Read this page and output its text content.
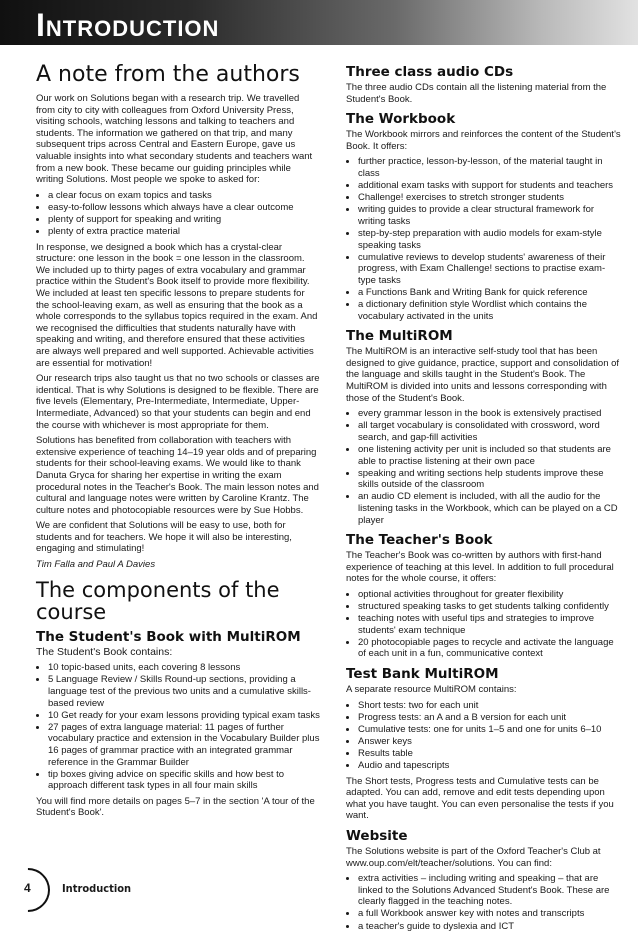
Introduction
A note from the authors

Our work on Solutions began with a research trip. We travelled from city to city with colleagues from Oxford University Press, visiting schools, watching lessons and talking to teachers and students. The information we gathered on that trip, and many subsequent trips across Central and Eastern Europe, gave us valuable insights into what secondary students and teachers want from a new book. These became our guiding principles while writing Solutions. Most people we spoke to asked for:

• a clear focus on exam topics and tasks
• easy-to-follow lessons which always have a clear outcome
• plenty of support for speaking and writing
• plenty of extra practice material

In response, we designed a book which has a crystal-clear structure: one lesson in the book = one lesson in the classroom. We included up to thirty pages of extra vocabulary and grammar practice within the Student's Book itself to provide more flexibility. We included at least ten specific lessons to prepare students for the school-leaving exam, as well as ensuring that the book as a whole corresponds to the syllabus topics required in the exam. And we recognised the difficulties that students naturally have with speaking and writing, and therefore ensured that these activities are always well prepared and well supported. Achievable activities are essential for motivation!

Our research trips also taught us that no two schools or classes are identical. That is why Solutions is designed to be flexible. There are five levels (Elementary, Pre-Intermediate, Intermediate, Upper-Intermediate, Advanced) so that your students can begin and end the course with whichever is most appropriate for them.

Solutions has benefited from collaboration with teachers with extensive experience of teaching 14–19 year olds and of preparing students for their school-leaving exams. We would like to thank Danuta Gryca for sharing her expertise in writing the exam procedural notes in the Teacher's Book. The main lesson notes and cultural and language notes were written by Caroline Krantz. The culture notes and photocopiable resources were by Sue Hobbs.

We are confident that Solutions will be easy to use, both for students and for teachers. We hope it will also be interesting, engaging and stimulating!

Tim Falla and Paul A Davies

The components of the course
The Student's Book with MultiROM

The Student's Book contains:

• 10 topic-based units, each covering 8 lessons
• 5 Language Review / Skills Round-up sections, providing a language test of the previous two units and a cumulative skills-based review
• 10 Get ready for your exam lessons providing typical exam tasks
• 27 pages of extra language material: 11 pages of further vocabulary practice and extension in the Vocabulary Builder plus 16 pages of grammar practice with an integrated grammar reference in the Grammar Builder
• tip boxes giving advice on specific skills and how best to approach different task types in all four main skills

You will find more details on pages 5–7 in the section 'A tour of the Student's Book'.

Three class audio CDs

The three audio CDs contain all the listening material from the Student's Book.

The Workbook

The Workbook mirrors and reinforces the content of the Student's Book. It offers:

• further practice, lesson-by-lesson, of the material taught in class
• additional exam tasks with support for students and teachers
• Challenge! exercises to stretch stronger students
• writing guides to provide a clear structural framework for writing tasks
• step-by-step preparation with audio models for exam-style speaking tasks
• cumulative reviews to develop students' awareness of their progress, with Exam Challenge! sections to practise exam-type tasks
• a Functions Bank and Writing Bank for quick reference
• a dictionary definition style Wordlist which contains the vocabulary activated in the units
The MultiROM

The MultiROM is an interactive self-study tool that has been designed to give guidance, practice, support and consolidation of the language and skills taught in the Student's Book. The MultiROM is divided into units and lessons corresponding with those of the Student's Book.

• every grammar lesson in the book is extensively practised
• all target vocabulary is consolidated with crossword, word search, and gap-fill activities
• one listening activity per unit is included so that students are able to practise listening at their own pace
• speaking and writing sections help students improve these skills outside of the classroom
• an audio CD element is included, with all the audio for the listening tasks in the Workbook, which can be played on a CD player
The Teacher's Book

The Teacher's Book was co-written by authors with first-hand experience of teaching at this level. In addition to full procedural notes for the whole course, it offers:

• optional activities throughout for greater flexibility
• structured speaking tasks to get students talking confidently
• teaching notes with useful tips and strategies to improve students' exam technique
• 20 photocopiable pages to recycle and activate the language of each unit in a fun, communicative context
Test Bank MultiROM

A separate resource MultiROM contains:

• Short tests: two for each unit
• Progress tests: an A and a B version for each unit
• Cumulative tests: one for units 1–5 and one for units 6–10
• Answer keys
• Results table
• Audio and tapescripts

The Short tests, Progress tests and Cumulative tests can be adapted. You can add, remove and edit tests depending upon what you have taught. You can even personalise the tests if you want.

Website

The Solutions website is part of the Oxford Teacher's Club at www.oup.com/elt/teacher/solutions. You can find:

• extra activities – including writing and speaking – that are linked to the Solutions Advanced Student's Book. These are clearly flagged in the teaching notes.
• a full Workbook answer key with notes and transcripts
• a teacher's guide to dyslexia and ICT
4	Introduction
